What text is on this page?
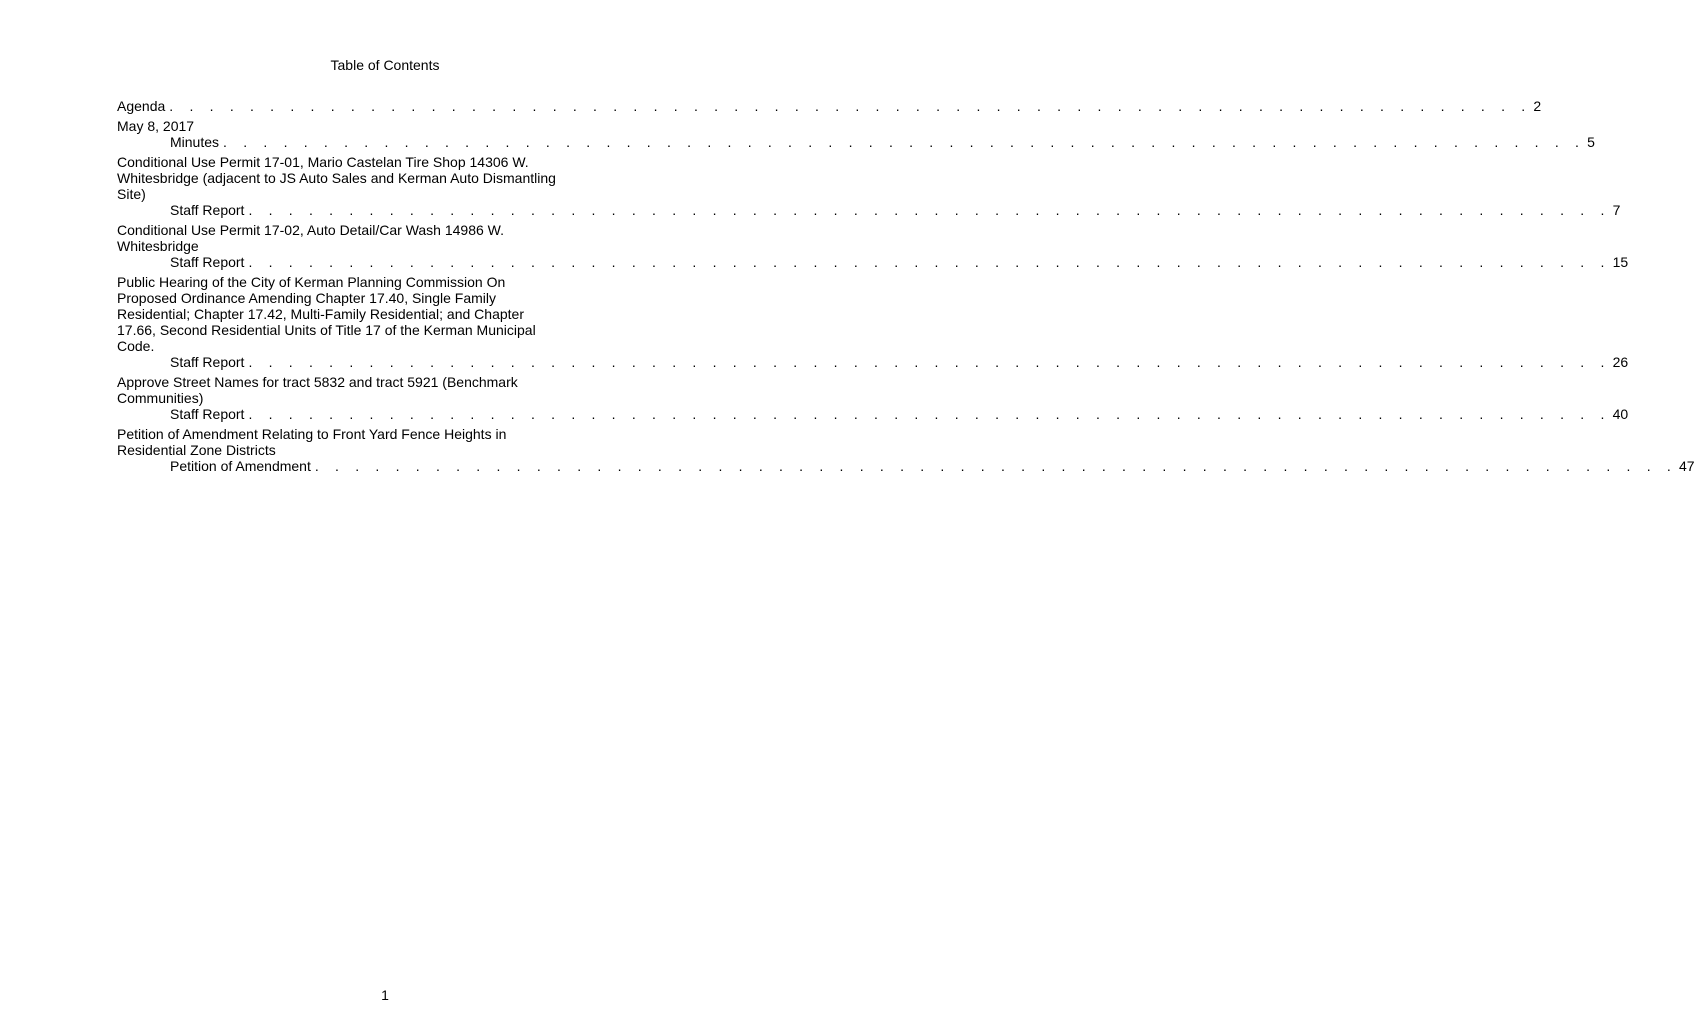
Table of Contents
Agenda . . . . . . . . . . . . . . . . . . . . . . . . . . . . . . . . . . . . . . . . . . . . . . . . . . . . . . . . . . . . . . . . . . . . 2
May 8, 2017
Minutes . . . . . . . . . . . . . . . . . . . . . . . . . . . . . . . . . . . . . . . . . . . . . . . . . . . . . . . . . . . . . . . . . . . . 5
Conditional Use Permit 17-01, Mario Castelan Tire Shop 14306 W. Whitesbridge (adjacent to JS Auto Sales and Kerman Auto Dismantling Site)
Staff Report . . . . . . . . . . . . . . . . . . . . . . . . . . . . . . . . . . . . . . . . . . . . . . . . . . . . . . . . . . . . . . . . . . . . 7
Conditional Use Permit 17-02, Auto Detail/Car Wash 14986 W. Whitesbridge
Staff Report . . . . . . . . . . . . . . . . . . . . . . . . . . . . . . . . . . . . . . . . . . . . . . . . . . . . . . . . . . . . . . . . . . . . 15
Public Hearing of the City of Kerman Planning Commission On Proposed Ordinance Amending Chapter 17.40, Single Family Residential; Chapter 17.42, Multi-Family Residential; and Chapter 17.66, Second Residential Units of Title 17 of the Kerman Municipal Code.
Staff Report . . . . . . . . . . . . . . . . . . . . . . . . . . . . . . . . . . . . . . . . . . . . . . . . . . . . . . . . . . . . . . . . . . . . 26
Approve Street Names for tract 5832 and tract 5921 (Benchmark Communities)
Staff Report . . . . . . . . . . . . . . . . . . . . . . . . . . . . . . . . . . . . . . . . . . . . . . . . . . . . . . . . . . . . . . . . . . . . 40
Petition of Amendment Relating to Front Yard Fence Heights in Residential Zone Districts
Petition of Amendment . . . . . . . . . . . . . . . . . . . . . . . . . . . . . . . . . . . . . . . . . . . . . . . . . . . . . . . . . . . . . . . . . . . . 47
1
